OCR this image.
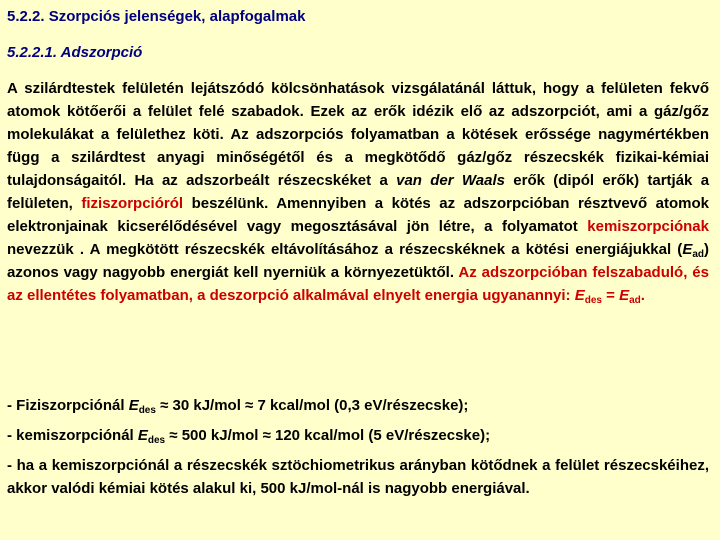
5.2.2. Szorpciós jelenségek, alapfogalmak
5.2.2.1. Adszorpció
A szilárdtestek felületén lejátszódó kölcsönhatások vizsgálatánál láttuk, hogy a felületen fekvő atomok kötőerői a felület felé szabadok. Ezek az erők idézik elő az adszorpciót, ami a gáz/gőz molekulákat a felülethez köti. Az adszorpciós folyamatban a kötések erőssége nagymértékben függ a szilárdtest anyagi minőségétől és a megkötődő gáz/gőz részecskék fizikai-kémiai tulajdonságaitól. Ha az adszorbeált részecskéket a van der Waals erők (dipól erők) tartják a felületen, fiziszorpcióról beszélünk. Amennyiben a kötés az adszorpcióban résztvevő atomok elektronjainak kicserélődésével vagy megosztásával jön létre, a folyamatot kemiszorpciónak nevezzük . A megkötött részecskék eltávolításához a részecskéknek a kötési energiájukkal $(E_{ad})$ azonos vagy nagyobb energiát kell nyerniük a környezetüktől. Az adszorpcióban felszabaduló, és az ellentétes folyamatban, a deszorpció alkalmával elnyelt energia ugyanannyi: $E_{des} = E_{ad}$.
- Fiziszorpciónál $E_{des} \approx 30$ kJ/mol ≈ 7 kcal/mol (0,3 eV/részecske);
- kemiszorpciónál $E_{des} \approx 500$ kJ/mol ≈ 120 kcal/mol (5 eV/részecske);
- ha a kemiszorpciónál a részecskék sztöchiometrikus arányban kötődnek a felület részecskéihez, akkor valódi kémiai kötés alakul ki, 500 kJ/mol-nál is nagyobb energiával.
